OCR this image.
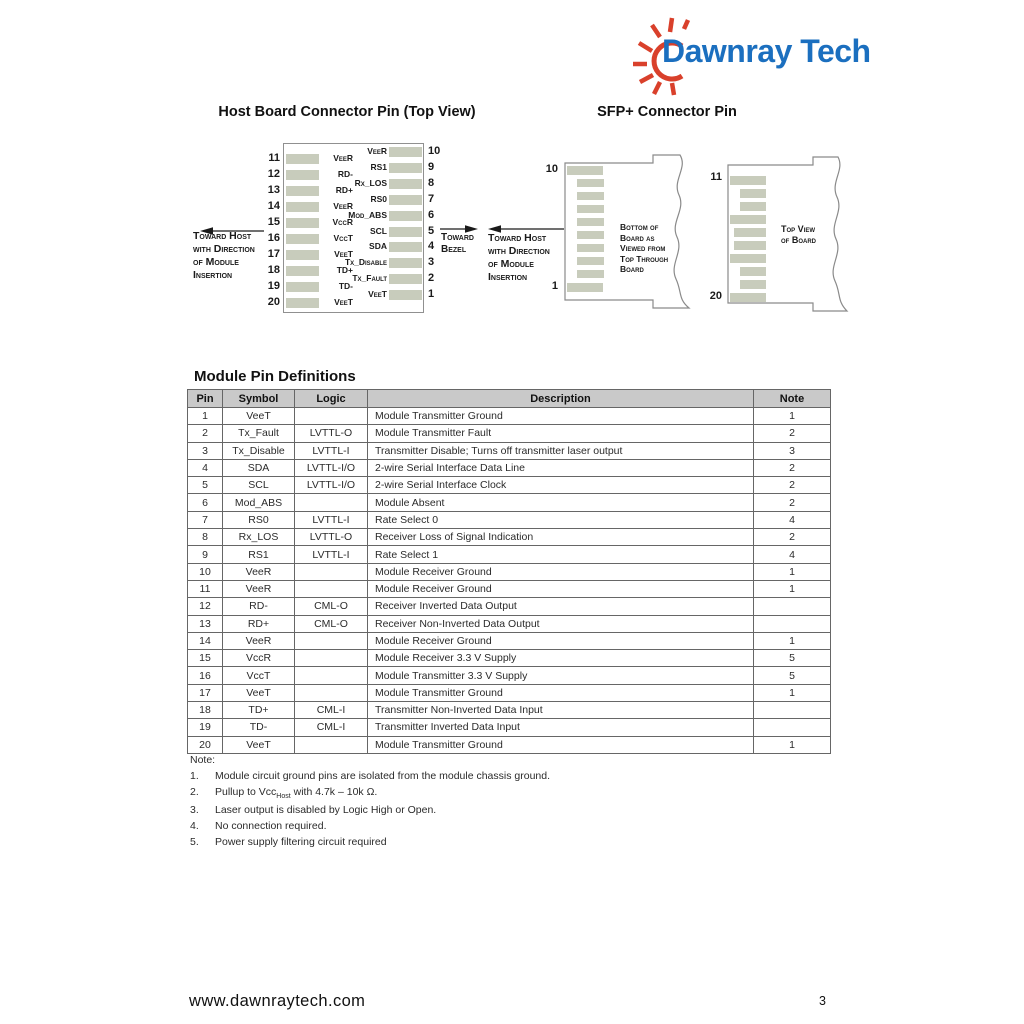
Dawnray Tech
Host Board Connector Pin (Top View)	SFP+ Connector Pin
11	VeeR
12	RD-
13	RD+
14	VeeR
15	VccR
16	VccT
17	VeeT
18	TD+
19	TD-
20	VeeT
VeeR	10
RS1	9
Rx_LOS	8
RS0	7
Mod_ABS	6
SCL	5
SDA	4
Tx_Disable	3
Tx_Fault	2
VeeT	1
Toward Host
with Direction
of Module
Insertion
Toward
Bezel
Toward Host
with Direction
of Module
Insertion
10
1
Bottom of
Board as
Viewed from
Top Through
Board
11
20
Top View
of Board
Module Pin Definitions
Pin	Symbol	Logic	Description	Note
1	VeeT		Module Transmitter Ground	1
2	Tx_Fault	LVTTL-O	Module Transmitter Fault	2
3	Tx_Disable	LVTTL-I	Transmitter Disable; Turns off transmitter laser output	3
4	SDA	LVTTL-I/O	2-wire Serial Interface Data Line	2
5	SCL	LVTTL-I/O	2-wire Serial Interface Clock	2
6	Mod_ABS		Module Absent	2
7	RS0	LVTTL-I	Rate Select 0	4
8	Rx_LOS	LVTTL-O	Receiver Loss of Signal Indication	2
9	RS1	LVTTL-I	Rate Select 1	4
10	VeeR		Module Receiver Ground	1
11	VeeR		Module Receiver Ground	1
12	RD-	CML-O	Receiver Inverted Data Output	
13	RD+	CML-O	Receiver Non-Inverted Data Output	
14	VeeR		Module Receiver Ground	1
15	VccR		Module Receiver 3.3 V Supply	5
16	VccT		Module Transmitter 3.3 V Supply	5
17	VeeT		Module Transmitter Ground	1
18	TD+	CML-I	Transmitter Non-Inverted Data Input	
19	TD-	CML-I	Transmitter Inverted Data Input	
20	VeeT		Module Transmitter Ground	1
Note:
1.	Module circuit ground pins are isolated from the module chassis ground.
2.	Pullup to Vcc$_{Host}$ with 4.7k – 10k Ω.
3.	Laser output is disabled by Logic High or Open.
4.	No connection required.
5.	Power supply filtering circuit required
www.dawnraytech.com	3
